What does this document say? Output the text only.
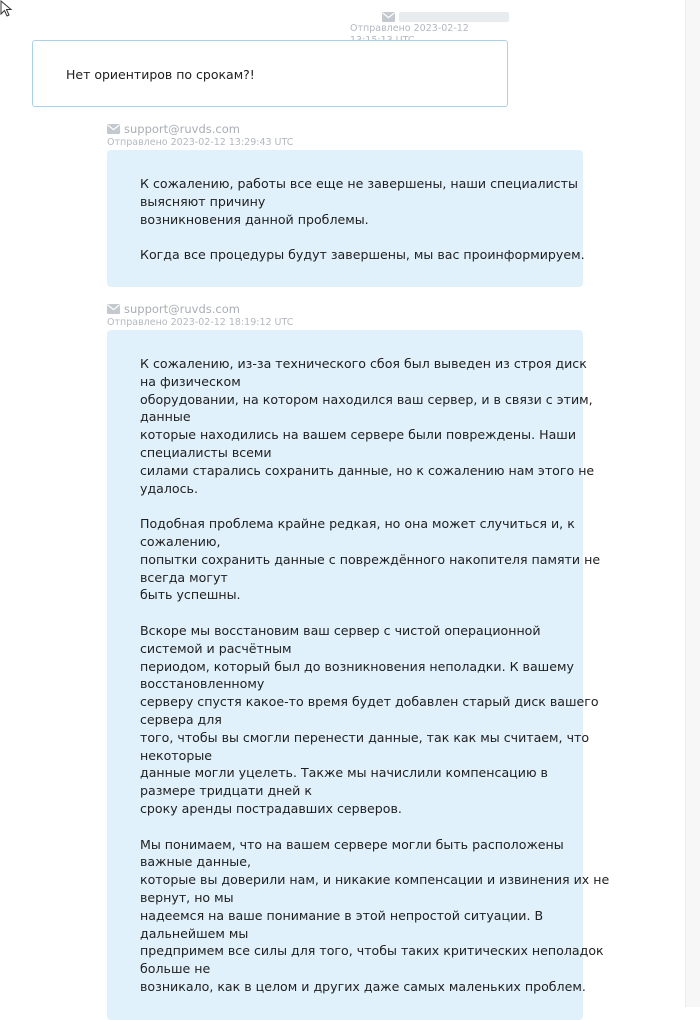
Отправлено 2023-02-12

Нет ориентиров по срокам?!

support@ruvds.com
Отправлено 2023-02-12 13:29:43 UTC
К сожалению, работы все еще не завершены, наши специалисты
выясняют причину
возникновения данной проблемы.
Когда все процедуры будут завершены, мы вас проинформируем.
support@ruvds.com
Отправлено 2023-02-12 18:19:12 UTC
К сожалению, из-за технического сбоя был выведен из строя диск
на физическом
оборудовании, на котором находился ваш сервер, и в связи с этим,
данные
которые находились на вашем сервере были повреждены. Наши
специалисты всеми
силами старались сохранить данные, но к сожалению нам этого не
удалось.
Подобная проблема крайне редкая, но она может случиться и, к
сожалению,
попытки сохранить данные с повреждённого накопителя памяти не
всегда могут
быть успешны.
Вскоре мы восстановим ваш сервер с чистой операционной
системой и расчётным
периодом, который был до возникновения неполадки. К вашему
восстановленному
серверу спустя какое-то время будет добавлен старый диск вашего
сервера для
того, чтобы вы смогли перенести данные, так как мы считаем, что
некоторые
данные могли уцелеть. Также мы начислили компенсацию в
размере тридцати дней к
сроку аренды пострадавших серверов.
Мы понимаем, что на вашем сервере могли быть расположены
важные данные,
которые вы доверили нам, и никакие компенсации и извинения их не
вернут, но мы
надеемся на ваше понимание в этой непростой ситуации. В
дальнейшем мы
предпримем все силы для того, чтобы таких критических неполадок
больше не
возникало, как в целом и других даже самых маленьких проблем.
